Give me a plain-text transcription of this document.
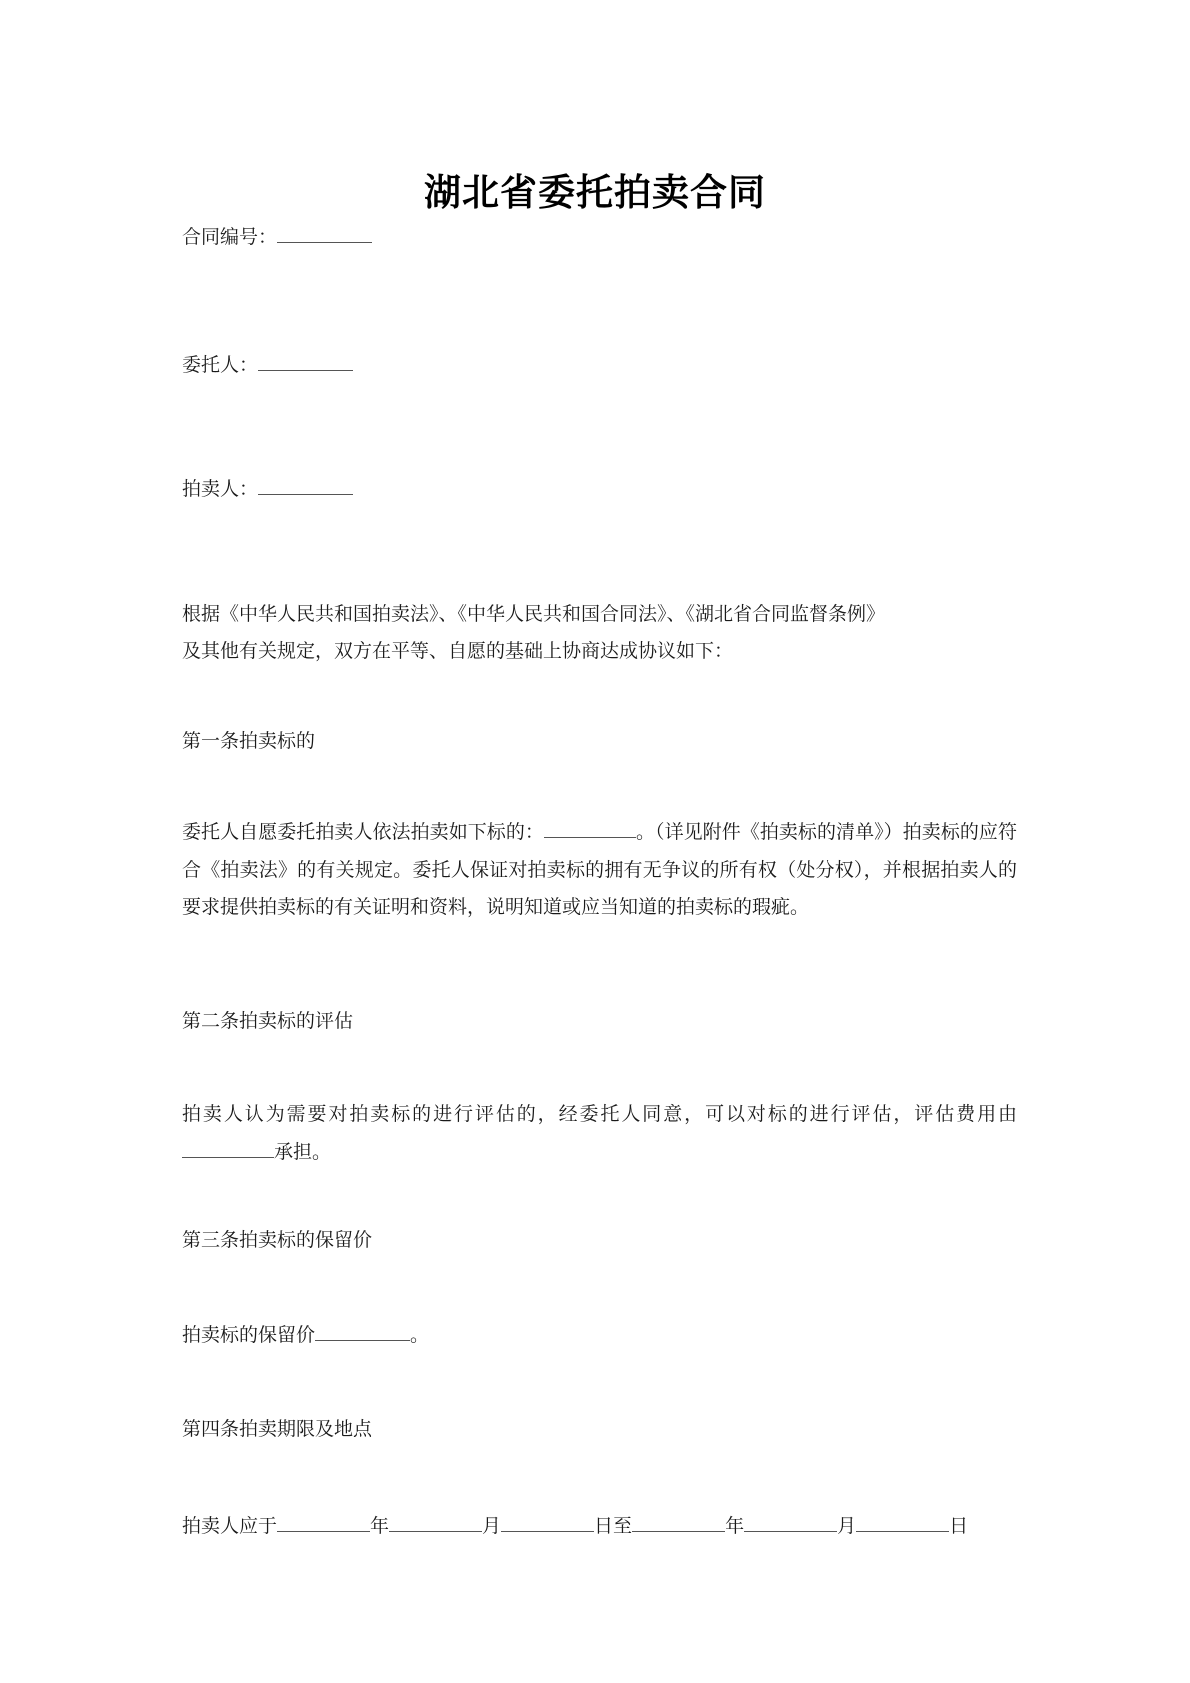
湖北省委托拍卖合同
合同编号：
委托人：
拍卖人：
根据《中华人民共和国拍卖法》、《中华人民共和国合同法》、《湖北省合同监督条例》
及其他有关规定，双方在平等、自愿的基础上协商达成协议如下：
第一条拍卖标的
委托人自愿委托拍卖人依法拍卖如下标的：	。（详见附件《拍卖标的清单》）拍卖标的应符合《拍卖法》的有关规定。委托人保证对拍卖标的拥有无争议的所有权（处分权），并根据拍卖人的要求提供拍卖标的有关证明和资料，说明知道或应当知道的拍卖标的瑕疵。
第二条拍卖标的评估
拍卖人认为需要对拍卖标的进行评估的，经委托人同意，可以对标的进行评估，评估费用由承担。
第三条拍卖标的保留价
拍卖标的保留价	。
第四条拍卖期限及地点
拍卖人应于	年	月	日至	年	月	日
